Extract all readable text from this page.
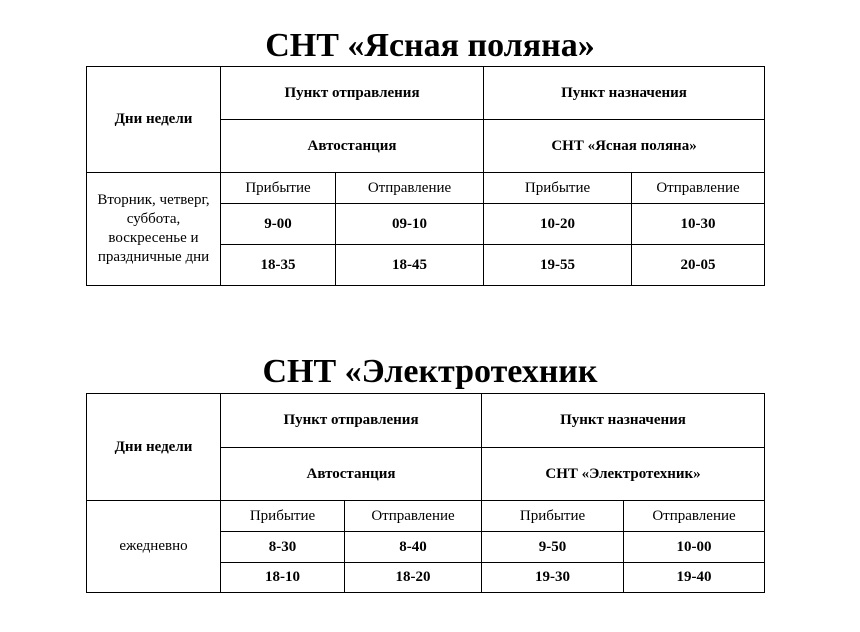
СНТ «Ясная поляна»
Дни недели	Пункт отправления		Пункт назначения	
	Автостанция		СНТ «Ясная поляна»	
Вторник, четверг, суббота, воскресенье и праздничные дни	Прибытие	Отправление	Прибытие	Отправление
	9-00	09-10	10-20	10-30
	18-35	18-45	19-55	20-05
СНТ «Электротехник
Дни недели	Пункт отправления		Пункт назначения	
	Автостанция		СНТ «Электротехник»	
ежедневно	Прибытие	Отправление	Прибытие	Отправление
	8-30	8-40	9-50	10-00
	18-10	18-20	19-30	19-40
